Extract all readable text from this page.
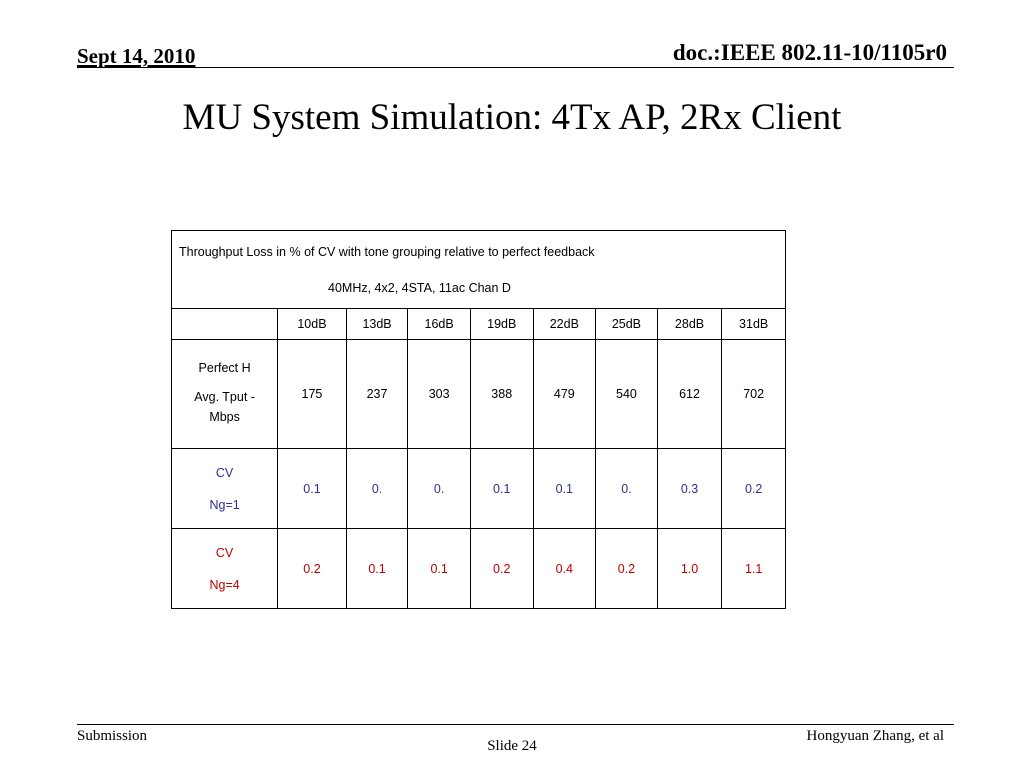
Sept 14, 2010	doc.:IEEE 802.11-10/1105r0
MU System Simulation: 4Tx AP, 2Rx Client
Throughput Loss in % of CV with tone grouping relative to perfect feedback
40MHz, 4x2, 4STA, 11ac Chan D								

	10dB	13dB	16dB	19dB	22dB	25dB	28dB	31dB

Perfect H
Avg. Tput -
Mbps	175	237	303	388	479	540	612	702

CV
Ng=1	0.1	0.	0.	0.1	0.1	0.	0.3	0.2

CV
Ng=4	0.2	0.1	0.1	0.2	0.4	0.2	1.0	1.1
Submission
Slide 24
Hongyuan Zhang, et al
